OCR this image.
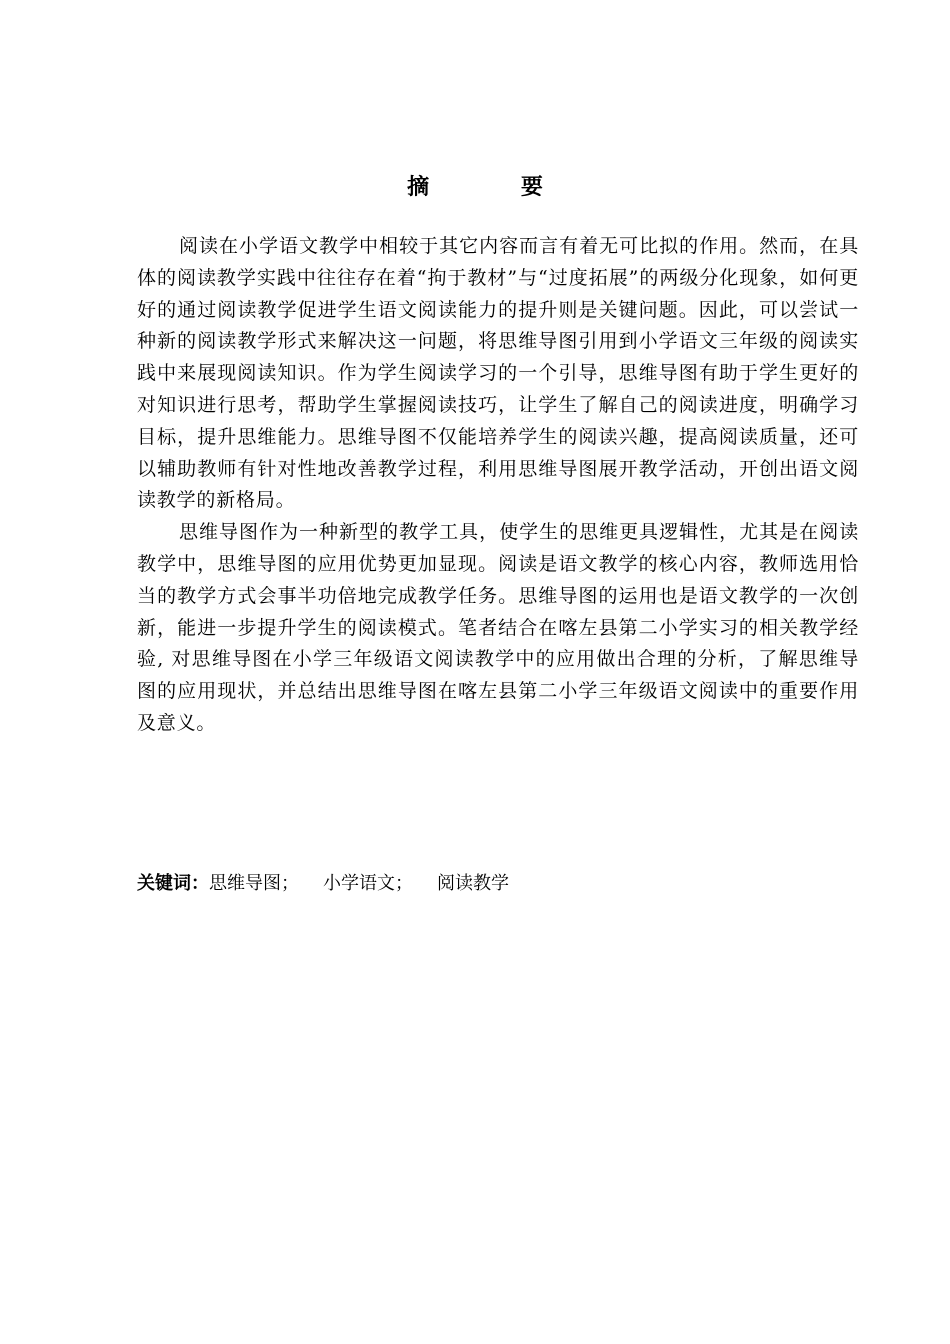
摘 要

阅读在小学语文教学中相较于其它内容而言有着无可比拟的作用。然而，在具体的阅读教学实践中往往存在着“拘于教材”与“过度拓展”的两级分化现象，如何更好的通过阅读教学促进学生语文阅读能力的提升则是关键问题。因此，可以尝试一种新的阅读教学形式来解决这一问题，将思维导图引用到小学语文三年级的阅读实践中来展现阅读知识。作为学生阅读学习的一个引导，思维导图有助于学生更好的对知识进行思考，帮助学生掌握阅读技巧，让学生了解自己的阅读进度，明确学习目标，提升思维能力。思维导图不仅能培养学生的阅读兴趣，提高阅读质量，还可以辅助教师有针对性地改善教学过程，利用思维导图展开教学活动，开创出语文阅读教学的新格局。

思维导图作为一种新型的教学工具，使学生的思维更具逻辑性，尤其是在阅读教学中，思维导图的应用优势更加显现。阅读是语文教学的核心内容，教师选用恰当的教学方式会事半功倍地完成教学任务。思维导图的运用也是语文教学的一次创新，能进一步提升学生的阅读模式。笔者结合在喀左县第二小学实习的相关教学经验, 对思维导图在小学三年级语文阅读教学中的应用做出合理的分析，了解思维导图的应用现状，并总结出思维导图在喀左县第二小学三年级语文阅读中的重要作用及意义。

关键词：思维导图； 小学语文； 阅读教学
